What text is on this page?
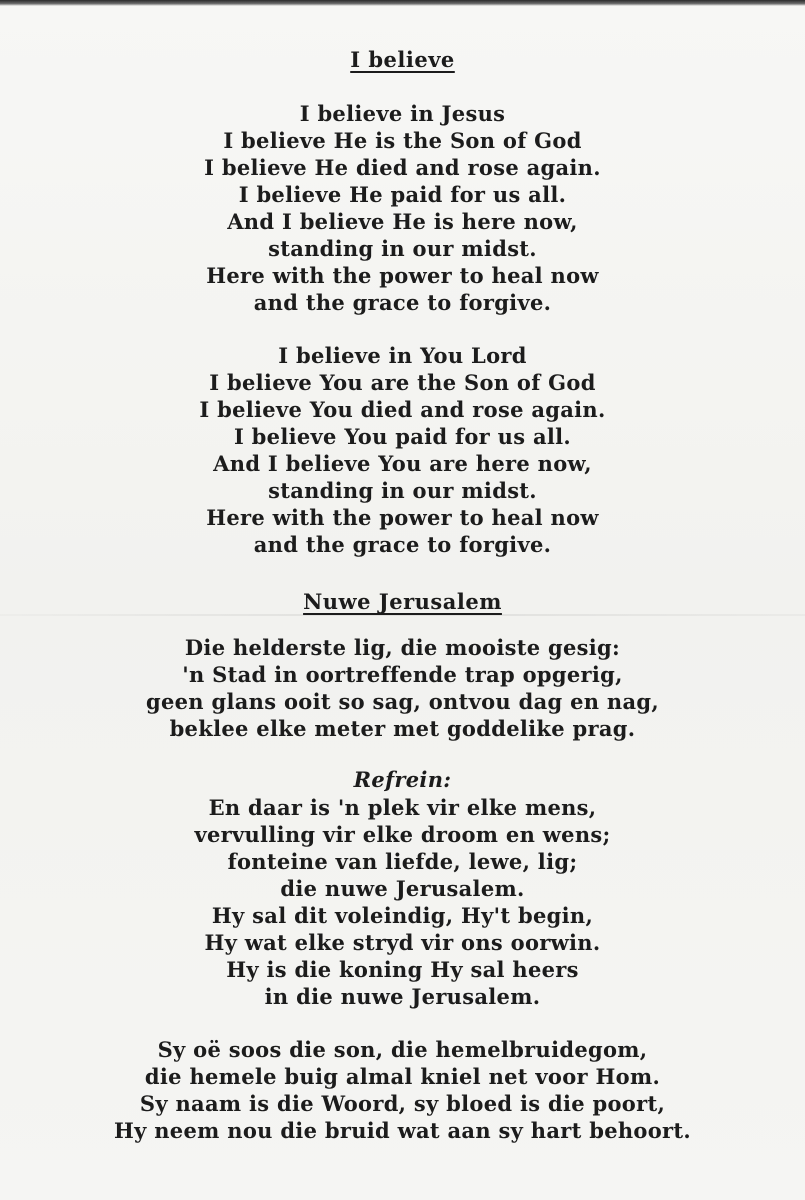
I believe
I believe in Jesus
I believe He is the Son of God
I believe He died and rose again.
I believe He paid for us all.
And I believe He is here now,
standing in our midst.
Here with the power to heal now
and the grace to forgive.
I believe in You Lord
I believe You are the Son of God
I believe You died and rose again.
I believe You paid for us all.
And I believe You are here now,
standing in our midst.
Here with the power to heal now
and the grace to forgive.
Nuwe Jerusalem
Die helderste lig, die mooiste gesig:
'n Stad in oortreffende trap opgerig,
geen glans ooit so sag, ontvou dag en nag,
beklee elke meter met goddelike prag.

Refrein:

En daar is 'n plek vir elke mens,
vervulling vir elke droom en wens;
fonteine van liefde, lewe, lig;
die nuwe Jerusalem.
Hy sal dit voleindig, Hy't begin,
Hy wat elke stryd vir ons oorwin.
Hy is die koning Hy sal heers
in die nuwe Jerusalem.
Sy oë soos die son, die hemelbruidegom,
die hemele buig almal kniel net voor Hom.
Sy naam is die Woord, sy bloed is die poort,
Hy neem nou die bruid wat aan sy hart behoort.
